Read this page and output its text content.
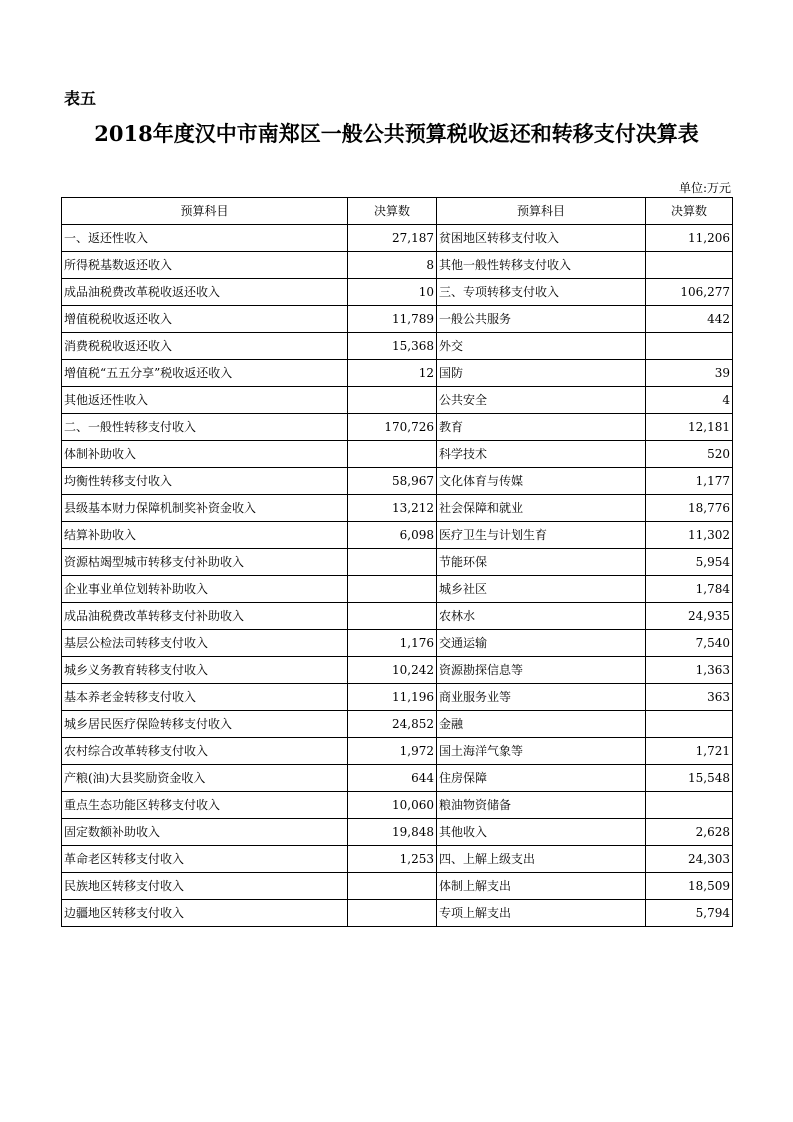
表五
2018年度汉中市南郑区一般公共预算税收返还和转移支付决算表
单位:万元
预算科目	决算数	预算科目	决算数
一、返还性收入	27,187	贫困地区转移支付收入	11,206
所得税基数返还收入	8	其他一般性转移支付收入	
成品油税费改革税收返还收入	10	三、专项转移支付收入	106,277
增值税税收返还收入	11,789	一般公共服务	442
消费税税收返还收入	15,368	外交	
增值税“五五分享”税收返还收入	12	国防	39
其他返还性收入		公共安全	4
二、一般性转移支付收入	170,726	教育	12,181
体制补助收入		科学技术	520
均衡性转移支付收入	58,967	文化体育与传媒	1,177
县级基本财力保障机制奖补资金收入	13,212	社会保障和就业	18,776
结算补助收入	6,098	医疗卫生与计划生育	11,302
资源枯竭型城市转移支付补助收入		节能环保	5,954
企业事业单位划转补助收入		城乡社区	1,784
成品油税费改革转移支付补助收入		农林水	24,935
基层公检法司转移支付收入	1,176	交通运输	7,540
城乡义务教育转移支付收入	10,242	资源勘探信息等	1,363
基本养老金转移支付收入	11,196	商业服务业等	363
城乡居民医疗保险转移支付收入	24,852	金融	
农村综合改革转移支付收入	1,972	国土海洋气象等	1,721
产粮(油)大县奖励资金收入	644	住房保障	15,548
重点生态功能区转移支付收入	10,060	粮油物资储备	
固定数额补助收入	19,848	其他收入	2,628
革命老区转移支付收入	1,253	四、上解上级支出	24,303
民族地区转移支付收入		体制上解支出	18,509
边疆地区转移支付收入		专项上解支出	5,794
